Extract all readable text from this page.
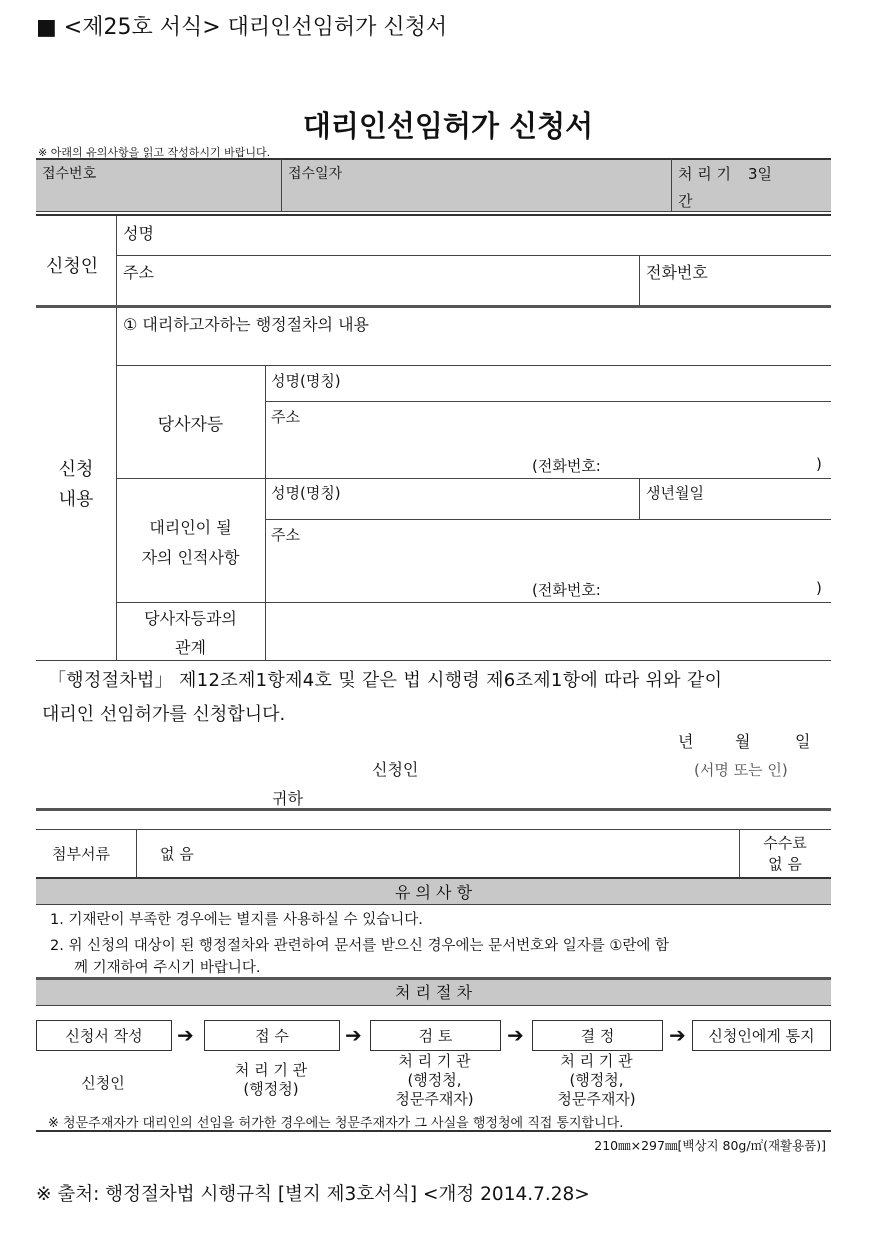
■ <제25호 서식> 대리인선임허가 신청서
대리인선임허가 신청서
※ 아래의 유의사항을 읽고 작성하시기 바랍니다.
접수번호	접수일자	처 리 기 3일
간
신청인
성명
주소	전화번호
신청
내용
① 대리하고자하는 행정절차의 내용
당사자등
성명(명칭)
주소
(전화번호:	)
대리인이 될
자의 인적사항
성명(명칭)	생년월일
주소
(전화번호:	)
당사자등과의
관계
「행정절차법」 제12조제1항제4호 및 같은 법 시행령 제6조제1항에 따라 위와 같이
대리인 선임허가를 신청합니다.
년	월	일
신청인	(서명 또는 인)
귀하
첨부서류	없 음
수수료
없 음
유 의 사 항
1. 기재란이 부족한 경우에는 별지를 사용하실 수 있습니다.
2. 위 신청의 대상이 된 행정절차와 관련하여 문서를 받으신 경우에는 문서번호와 일자를 ①란에 함
께 기재하여 주시기 바랍니다.
처 리 절 차
신청서 작성 ➔	접 수	➔	검 토	➔	결 정	➔ 신청인에게 통지
신청인
처 리 기 관
(행정청)
처 리 기 관
(행정청,
청문주재자)
처 리 기 관
(행정청,
청문주재자)
※ 청문주재자가 대리인의 선임을 허가한 경우에는 청문주재자가 그 사실을 행정청에 직접 통지합니다.
210㎜×297㎜[백상지 80g/㎡(재활용품)]
※ 출처: 행정절차법 시행규칙 [별지 제3호서식] <개정 2014.7.28>
